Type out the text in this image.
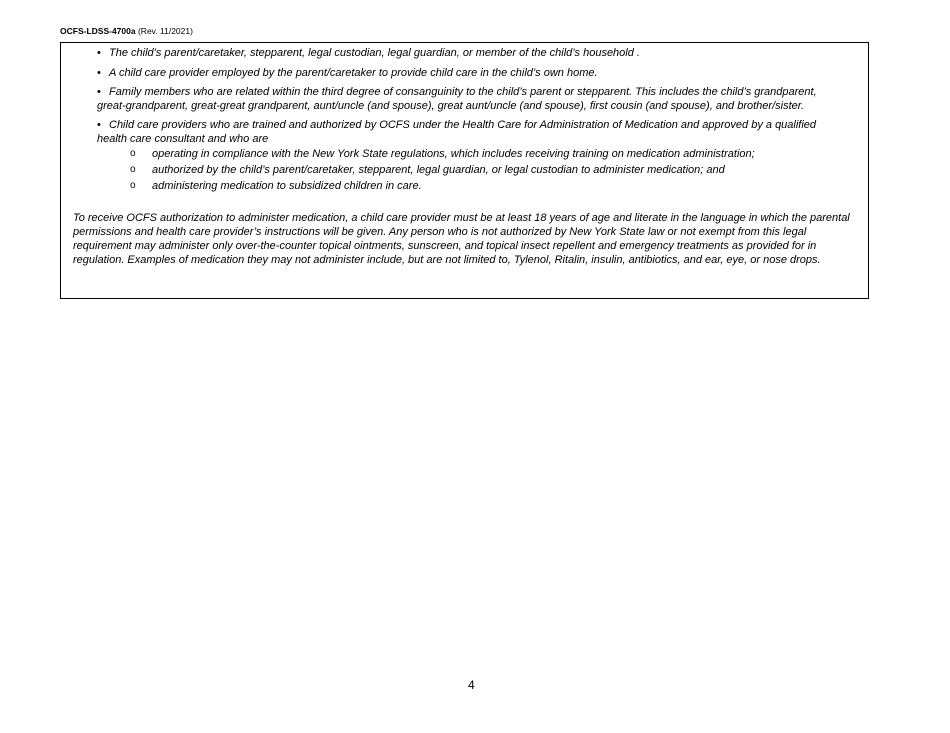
OCFS-LDSS-4700a (Rev. 11/2021)
• The child’s parent/caretaker, stepparent, legal custodian, legal guardian, or member of the child’s household .
• A child care provider employed by the parent/caretaker to provide child care in the child’s own home.
• Family members who are related within the third degree of consanguinity to the child’s parent or stepparent. This includes the child’s grandparent, great-grandparent, great-great grandparent, aunt/uncle (and spouse), great aunt/uncle (and spouse), first cousin (and spouse), and brother/sister.
• Child care providers who are trained and authorized by OCFS under the Health Care for Administration of Medication and approved by a qualified health care consultant and who are
o operating in compliance with the New York State regulations, which includes receiving training on medication administration;
o authorized by the child’s parent/caretaker, stepparent, legal guardian, or legal custodian to administer medication; and
o administering medication to subsidized children in care.

To receive OCFS authorization to administer medication, a child care provider must be at least 18 years of age and literate in the language in which the parental permissions and health care provider’s instructions will be given. Any person who is not authorized by New York State law or not exempt from this legal requirement may administer only over-the-counter topical ointments, sunscreen, and topical insect repellent and emergency treatments as provided for in regulation. Examples of medication they may not administer include, but are not limited to, Tylenol, Ritalin, insulin, antibiotics, and ear, eye, or nose drops.

4
